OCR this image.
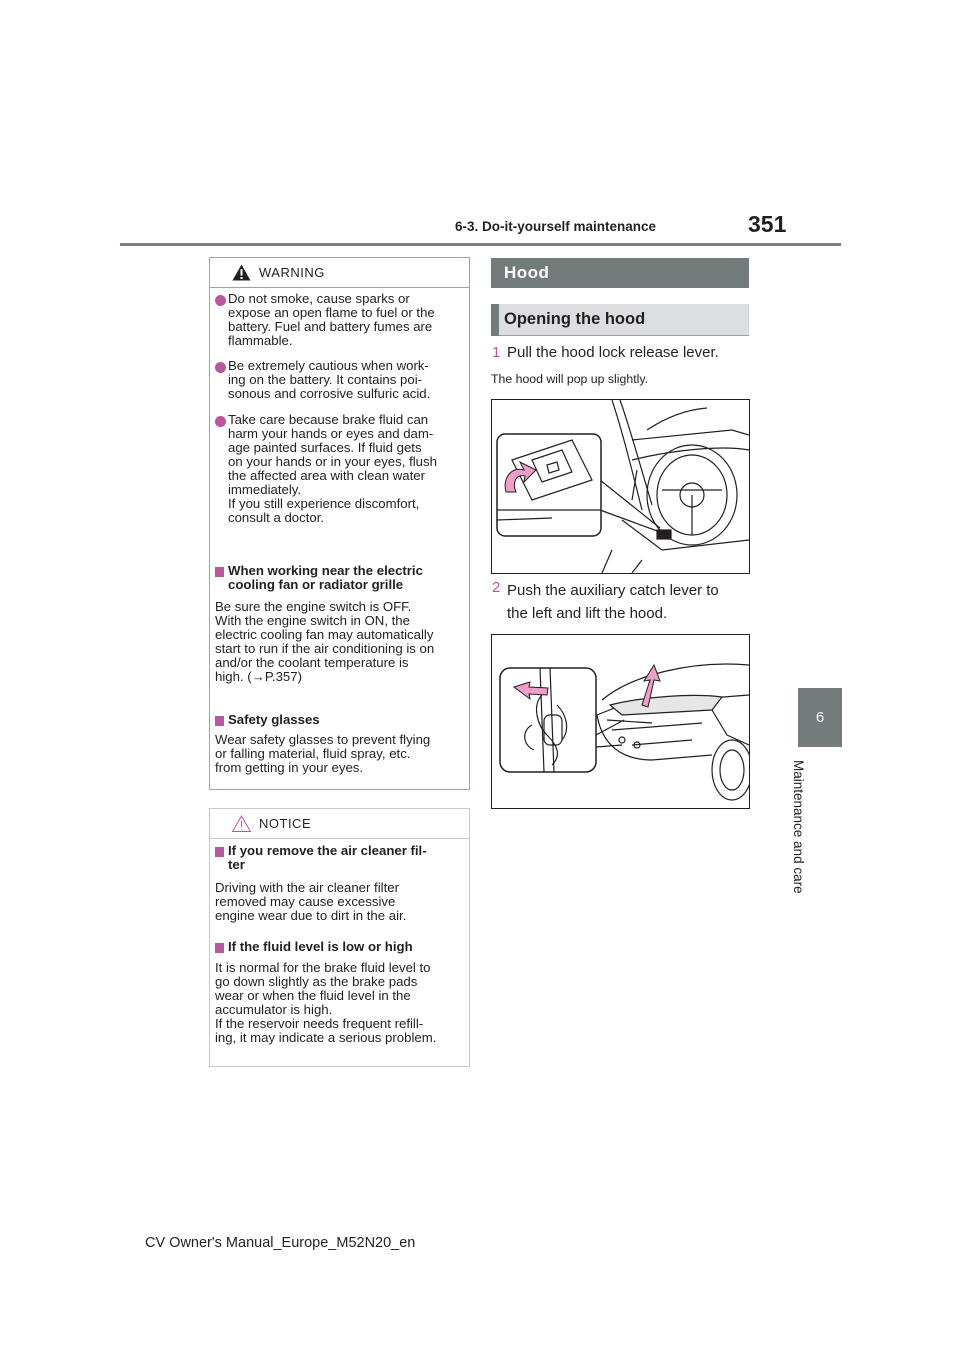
6-3. Do-it-yourself maintenance	351
6
Maintenance and care
WARNING
Do not smoke, cause sparks or
expose an open flame to fuel or the
battery. Fuel and battery fumes are
flammable.
Be extremely cautious when work-
ing on the battery. It contains poi-
sonous and corrosive sulfuric acid.
Take care because brake fluid can
harm your hands or eyes and dam-
age painted surfaces. If fluid gets
on your hands or in your eyes, flush
the affected area with clean water
immediately.
If you still experience discomfort,
consult a doctor.
When working near the electric
cooling fan or radiator grille
Be sure the engine switch is OFF.
With the engine switch in ON, the
electric cooling fan may automatically
start to run if the air conditioning is on
and/or the coolant temperature is
high. (→P.357)
Safety glasses
Wear safety glasses to prevent flying
or falling material, fluid spray, etc.
from getting in your eyes.
NOTICE
If you remove the air cleaner fil-
ter
Driving with the air cleaner filter
removed may cause excessive
engine wear due to dirt in the air.
If the fluid level is low or high
It is normal for the brake fluid level to
go down slightly as the brake pads
wear or when the fluid level in the
accumulator is high.
If the reservoir needs frequent refill-
ing, it may indicate a serious problem.
Hood
Opening the hood
1 Pull the hood lock release lever.
The hood will pop up slightly.
2 Push the auxiliary catch lever to
the left and lift the hood.
CV Owner's Manual_Europe_M52N20_en
